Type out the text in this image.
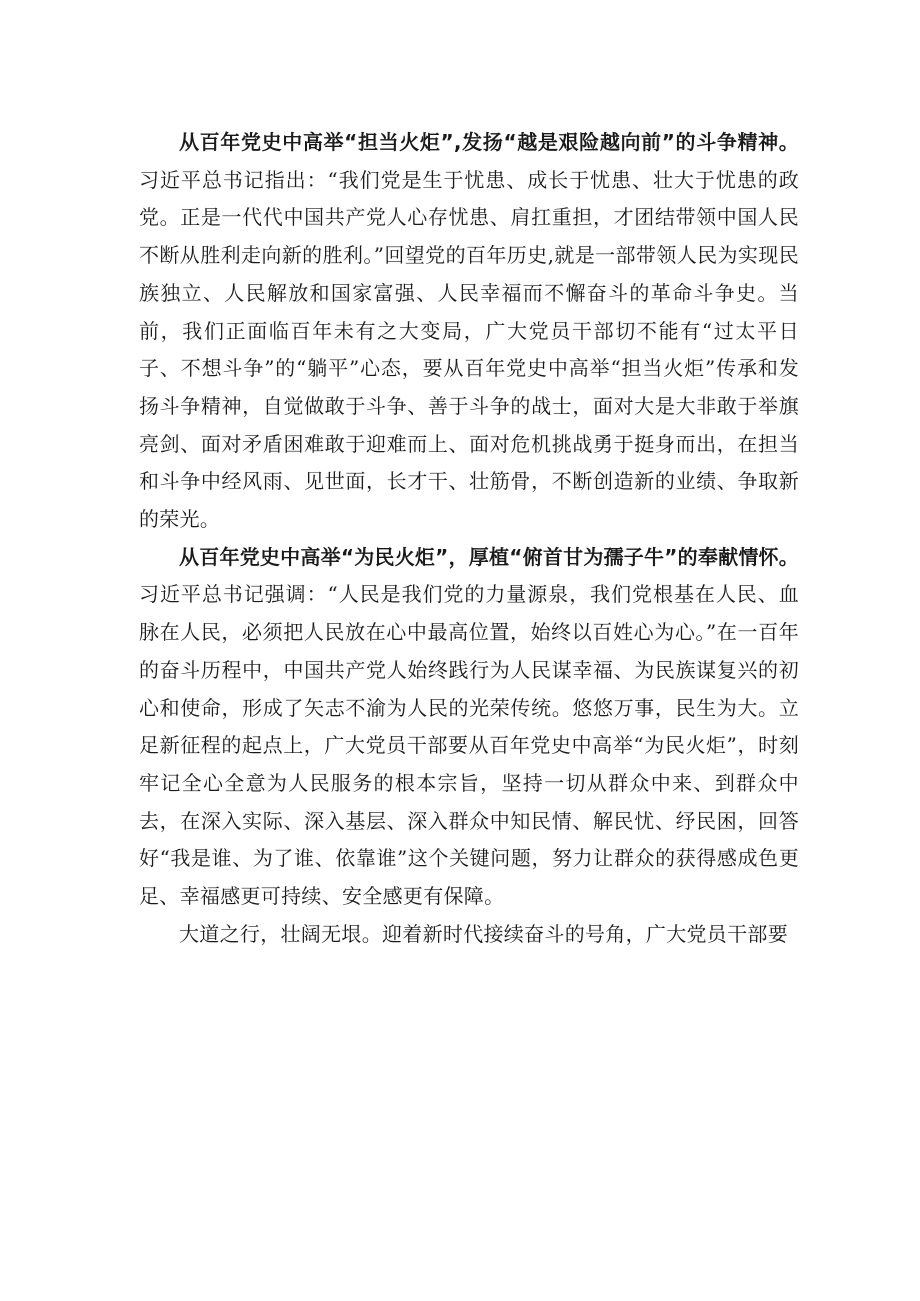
从百年党史中高举“担当火炬”,发扬“越是艰险越向前”的斗争精神。习近平总书记指出：“我们党是生于忧患、成长于忧患、壮大于忧患的政党。正是一代代中国共产党人心存忧患、肩扛重担，才团结带领中国人民不断从胜利走向新的胜利。”回望党的百年历史,就是一部带领人民为实现民族独立、人民解放和国家富强、人民幸福而不懈奋斗的革命斗争史。当前，我们正面临百年未有之大变局，广大党员干部切不能有“过太平日子、不想斗争”的“躺平”心态，要从百年党史中高举“担当火炬”传承和发扬斗争精神，自觉做敢于斗争、善于斗争的战士，面对大是大非敢于举旗亮剑、面对矛盾困难敢于迎难而上、面对危机挑战勇于挺身而出，在担当和斗争中经风雨、见世面，长才干、壮筋骨，不断创造新的业绩、争取新的荣光。

从百年党史中高举“为民火炬”，厚植“俯首甘为孺子牛”的奉献情怀。习近平总书记强调：“人民是我们党的力量源泉，我们党根基在人民、血脉在人民，必须把人民放在心中最高位置，始终以百姓心为心。”在一百年的奋斗历程中，中国共产党人始终践行为人民谋幸福、为民族谋复兴的初心和使命，形成了矢志不渝为人民的光荣传统。悠悠万事，民生为大。立足新征程的起点上，广大党员干部要从百年党史中高举“为民火炬”，时刻牢记全心全意为人民服务的根本宗旨，坚持一切从群众中来、到群众中去，在深入实际、深入基层、深入群众中知民情、解民忧、纾民困，回答好“我是谁、为了谁、依靠谁”这个关键问题，努力让群众的获得感成色更足、幸福感更可持续、安全感更有保障。

大道之行，壮阔无垠。迎着新时代接续奋斗的号角，广大党员干部要
